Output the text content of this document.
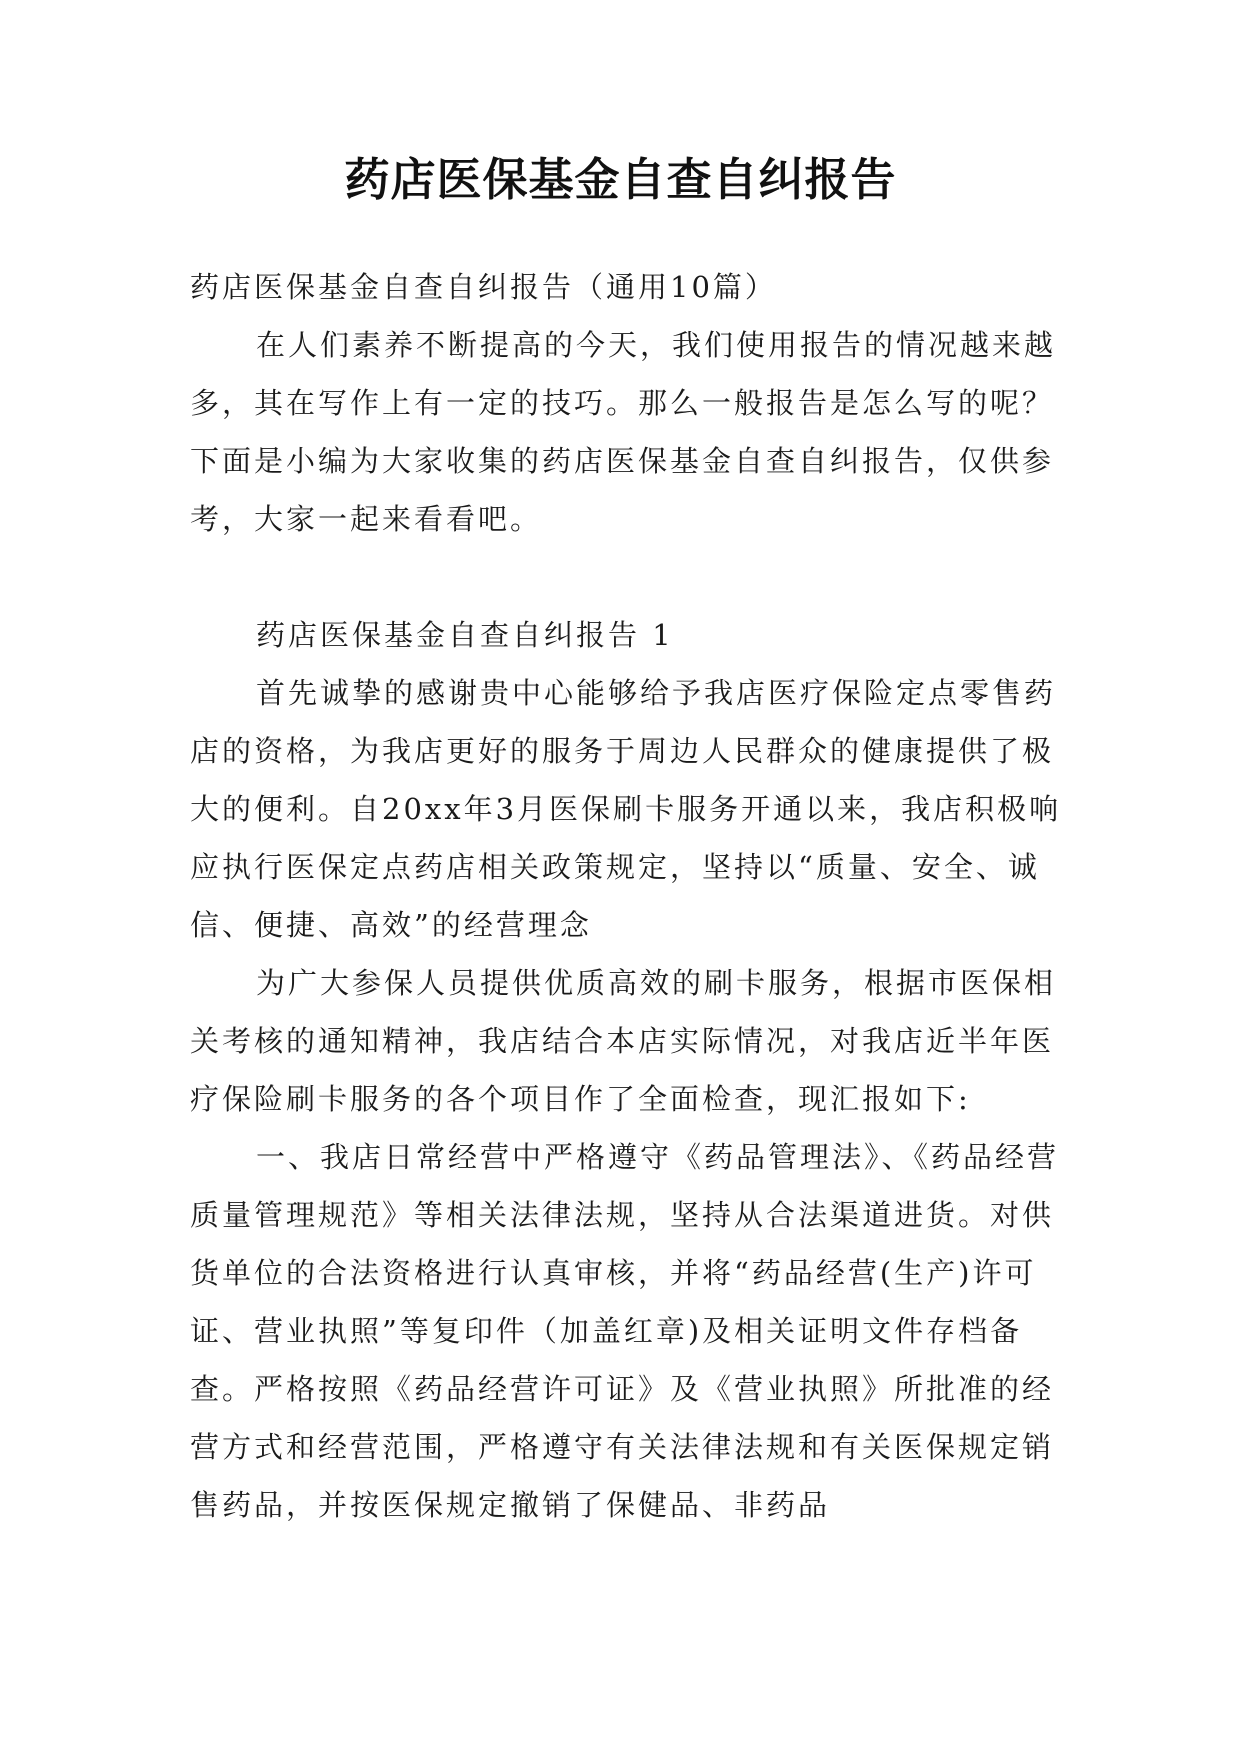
药店医保基金自查自纠报告

药店医保基金自查自纠报告（通用10篇）

在人们素养不断提高的今天，我们使用报告的情况越来越多，其在写作上有一定的技巧。那么一般报告是怎么写的呢？下面是小编为大家收集的药店医保基金自查自纠报告，仅供参考，大家一起来看看吧。

药店医保基金自查自纠报告 1

首先诚挚的感谢贵中心能够给予我店医疗保险定点零售药店的资格，为我店更好的服务于周边人民群众的健康提供了极大的便利。自20xx年3月医保刷卡服务开通以来，我店积极响应执行医保定点药店相关政策规定，坚持以“质量、安全、诚信、便捷、高效”的经营理念

为广大参保人员提供优质高效的刷卡服务，根据市医保相关考核的通知精神，我店结合本店实际情况，对我店近半年医疗保险刷卡服务的各个项目作了全面检查，现汇报如下:

一、我店日常经营中严格遵守《药品管理法》、《药品经营质量管理规范》等相关法律法规，坚持从合法渠道进货。对供货单位的合法资格进行认真审核，并将“药品经营(生产)许可证、营业执照”等复印件（加盖红章)及相关证明文件存档备查。严格按照《药品经营许可证》及《营业执照》所批准的经营方式和经营范围，严格遵守有关法律法规和有关医保规定销售药品，并按医保规定撤销了保健品、非药品
